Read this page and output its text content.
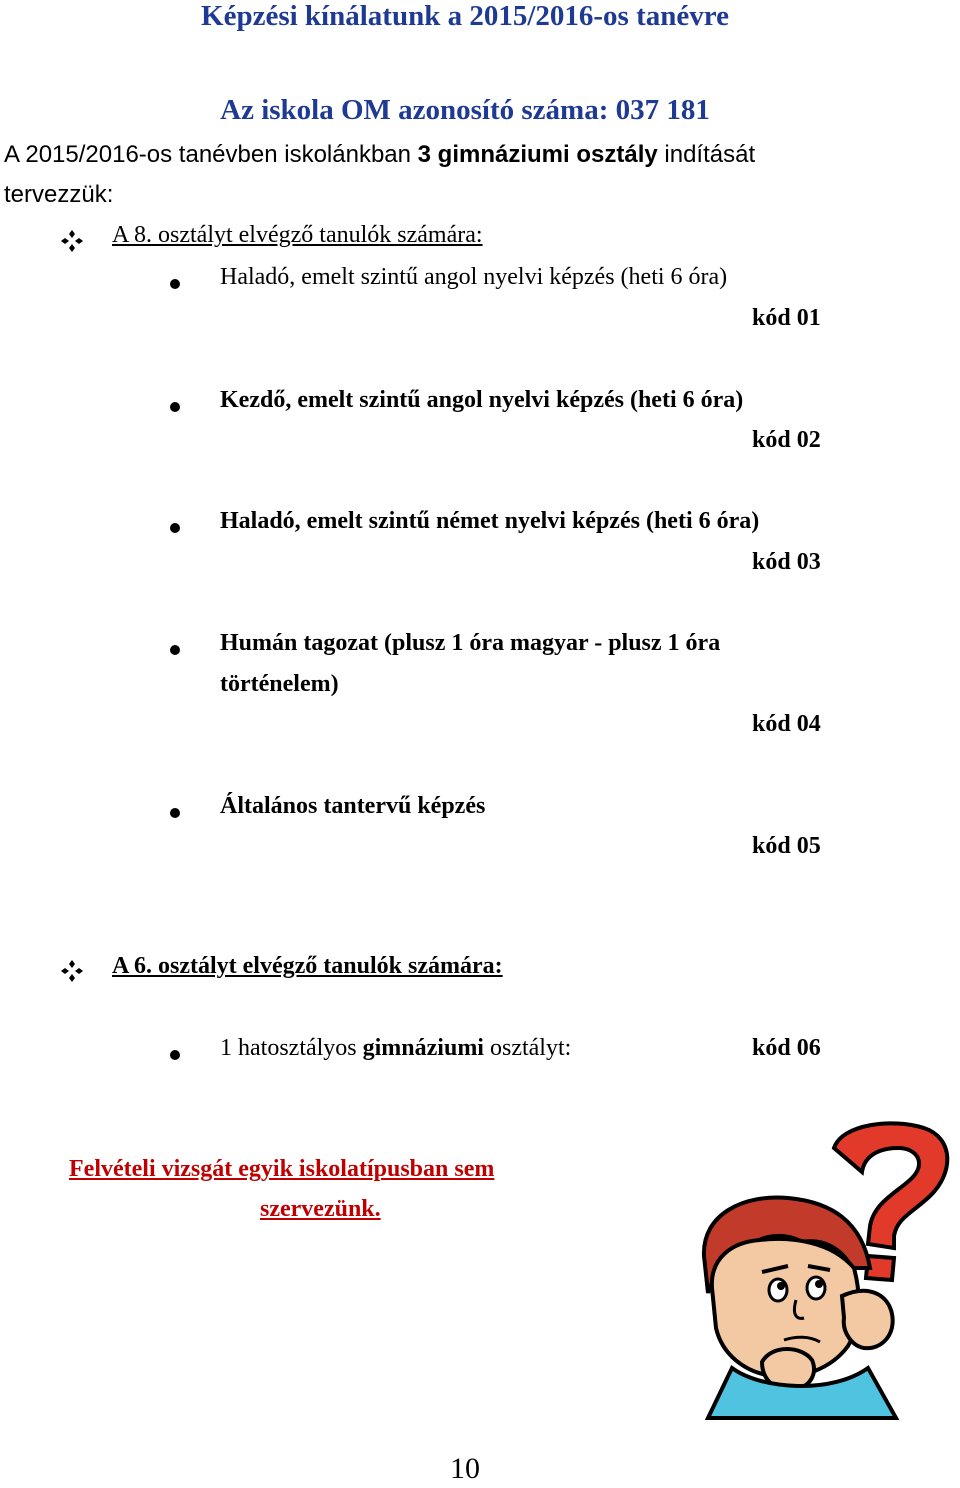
Képzési kínálatunk a 2015/2016-os tanévre
Az iskola OM azonosító száma: 037 181
A 2015/2016-os tanévben iskolánkban 3 gimnáziumi osztály indítását
tervezzük:
A 8. osztályt elvégző tanulók számára:
Haladó, emelt szintű angol nyelvi képzés (heti 6 óra)
kód 01
Kezdő, emelt szintű angol nyelvi képzés (heti 6 óra)
kód 02
Haladó, emelt szintű német nyelvi képzés (heti 6 óra)
kód 03
Humán tagozat (plusz 1 óra magyar - plusz 1 óra
történelem)
kód 04
Általános tantervű képzés
kód 05
A 6. osztályt elvégző tanulók számára:
1 hatosztályos gimnáziumi osztályt:	kód 06
Felvételi vizsgát egyik iskolatípusban sem
szervezünk.
10
